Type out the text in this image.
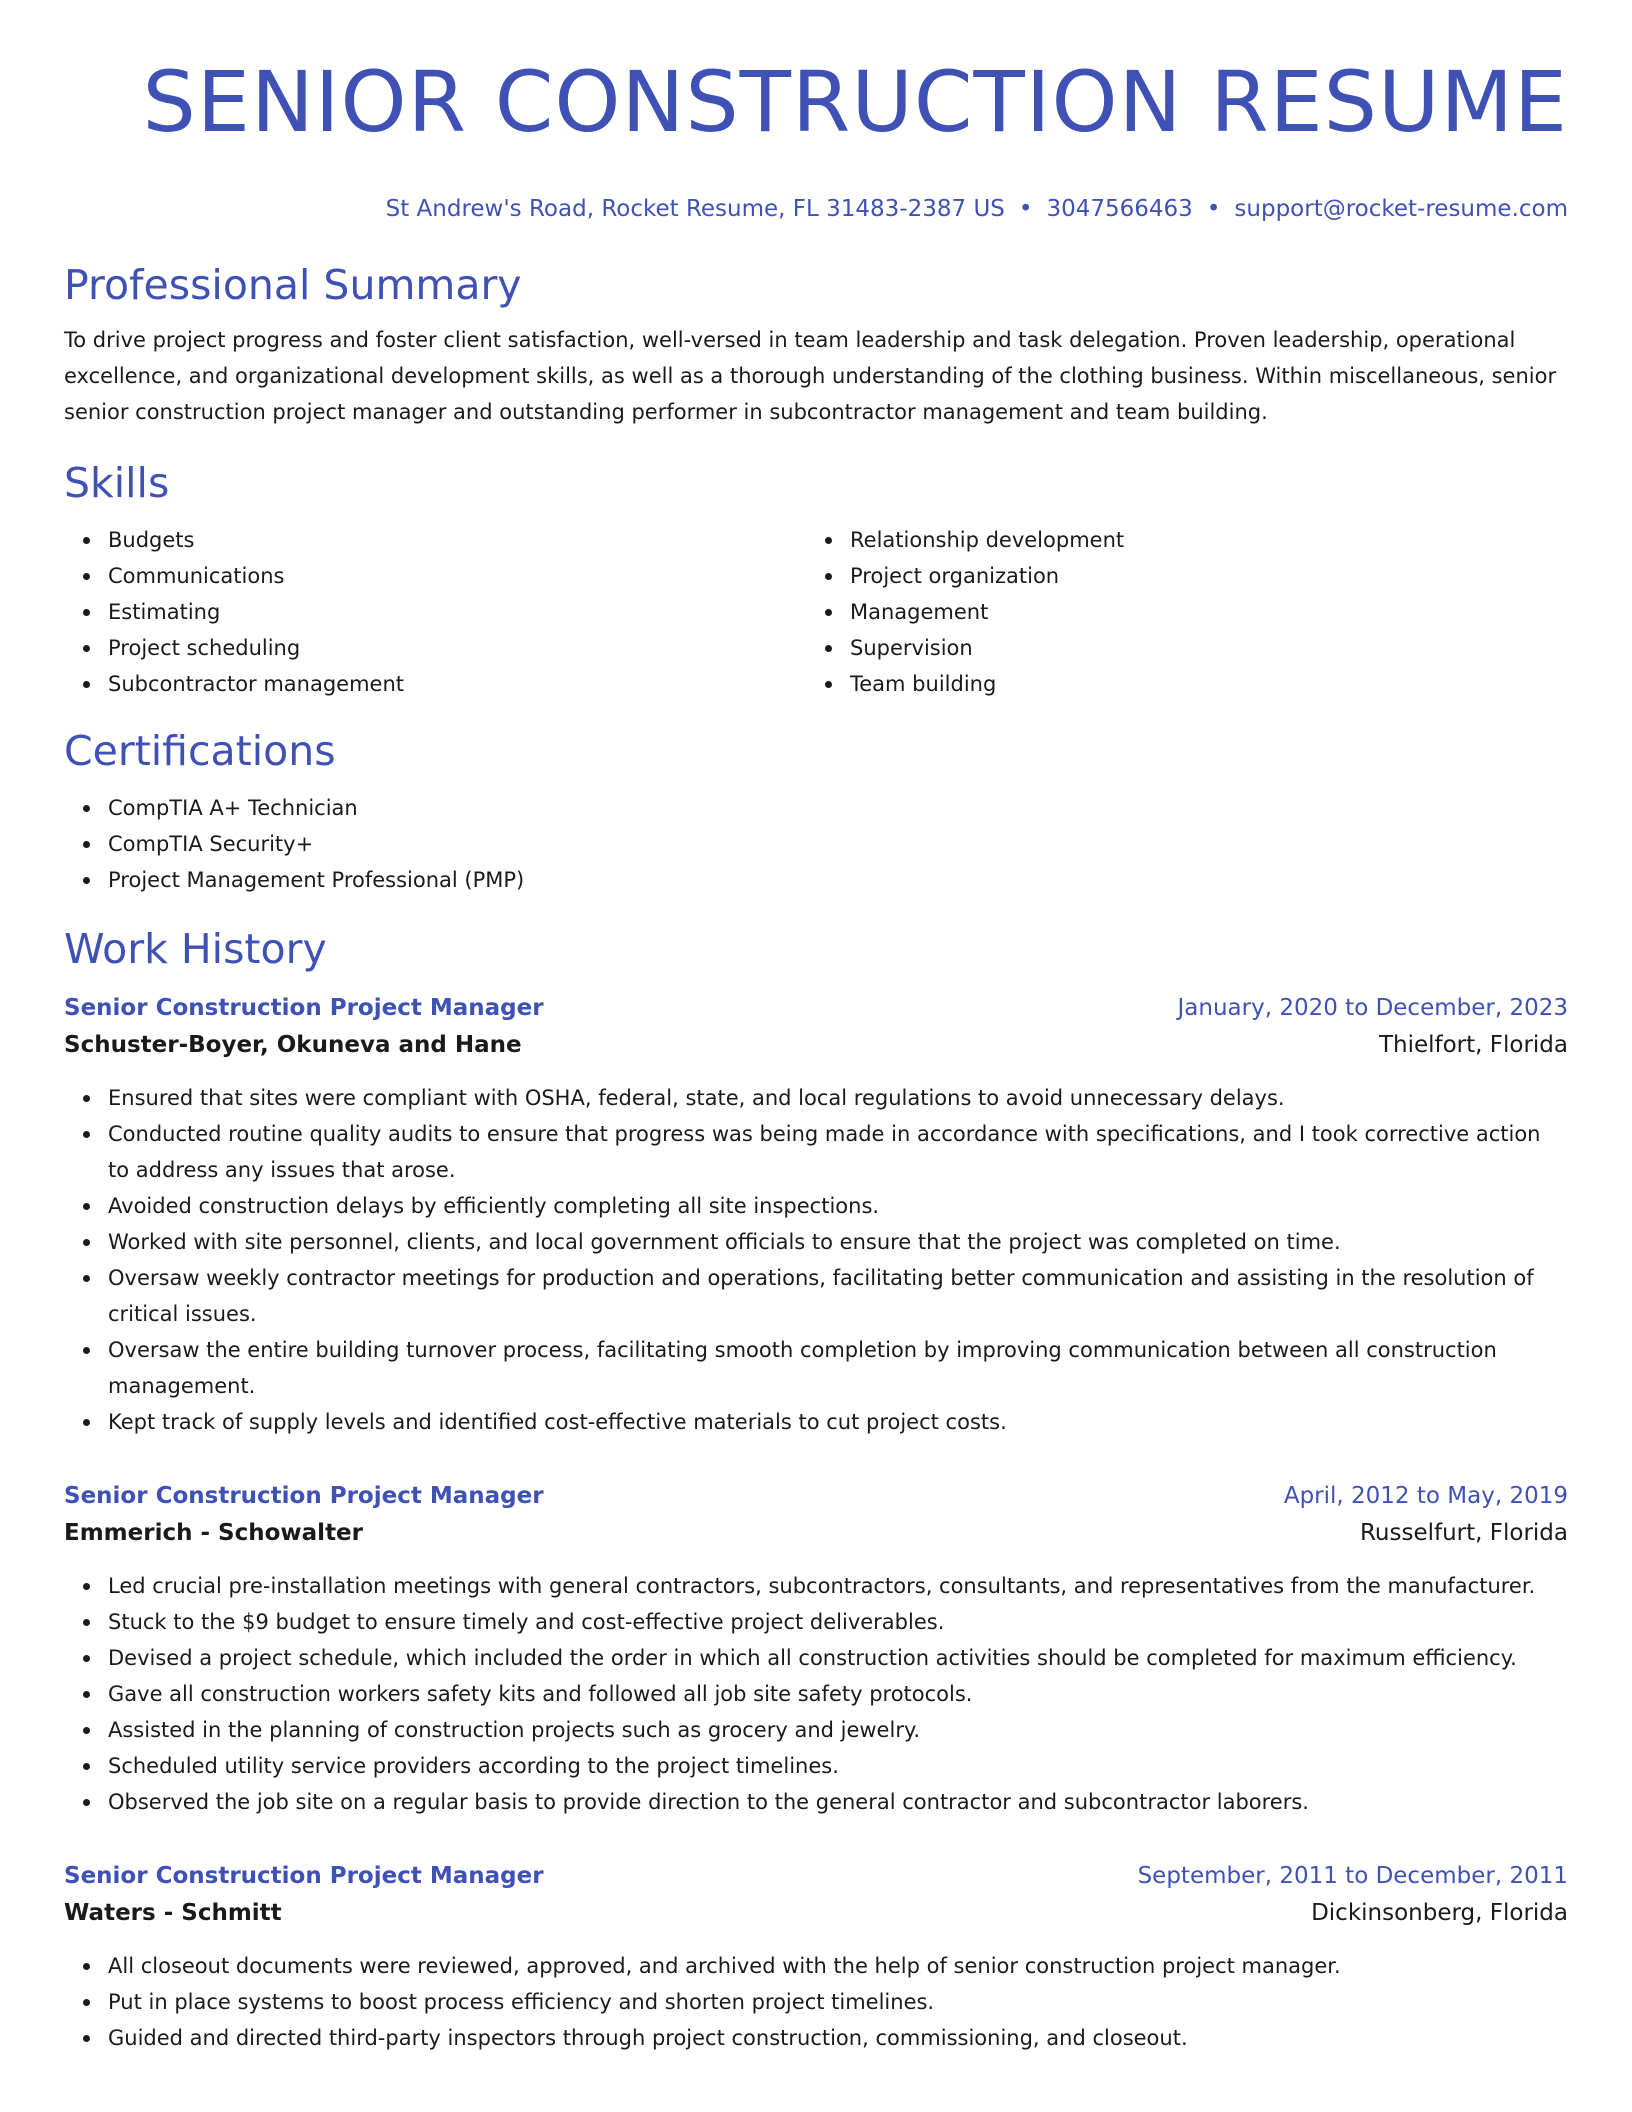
SENIOR CONSTRUCTION RESUME
St Andrew's Road, Rocket Resume, FL 31483-2387 US • 3047566463 • support@rocket-resume.com
Professional Summary

To drive project progress and foster client satisfaction, well-versed in team leadership and task delegation. Proven leadership, operational excellence, and organizational development skills, as well as a thorough understanding of the clothing business. Within miscellaneous, senior senior construction project manager and outstanding performer in subcontractor management and team building.

Skills
Budgets
Communications
Estimating
Project scheduling
Subcontractor management
Relationship development
Project organization
Management
Supervision
Team building
Certifications
CompTIA A+ Technician
CompTIA Security+
Project Management Professional (PMP)
Work History
Senior Construction Project Manager	January, 2020 to December, 2023
Schuster-Boyer, Okuneva and Hane	Thielfort, Florida
Ensured that sites were compliant with OSHA, federal, state, and local regulations to avoid unnecessary delays.
Conducted routine quality audits to ensure that progress was being made in accordance with specifications, and I took corrective action to address any issues that arose.
Avoided construction delays by efficiently completing all site inspections.
Worked with site personnel, clients, and local government officials to ensure that the project was completed on time.
Oversaw weekly contractor meetings for production and operations, facilitating better communication and assisting in the resolution of critical issues.
Oversaw the entire building turnover process, facilitating smooth completion by improving communication between all construction management.
Kept track of supply levels and identified cost-effective materials to cut project costs.
Senior Construction Project Manager	April, 2012 to May, 2019
Emmerich - Schowalter	Russelfurt, Florida
Led crucial pre-installation meetings with general contractors, subcontractors, consultants, and representatives from the manufacturer.
Stuck to the $9 budget to ensure timely and cost-effective project deliverables.
Devised a project schedule, which included the order in which all construction activities should be completed for maximum efficiency.
Gave all construction workers safety kits and followed all job site safety protocols.
Assisted in the planning of construction projects such as grocery and jewelry.
Scheduled utility service providers according to the project timelines.
Observed the job site on a regular basis to provide direction to the general contractor and subcontractor laborers.
Senior Construction Project Manager	September, 2011 to December, 2011
Waters - Schmitt	Dickinsonberg, Florida
All closeout documents were reviewed, approved, and archived with the help of senior construction project manager.
Put in place systems to boost process efficiency and shorten project timelines.
Guided and directed third-party inspectors through project construction, commissioning, and closeout.
